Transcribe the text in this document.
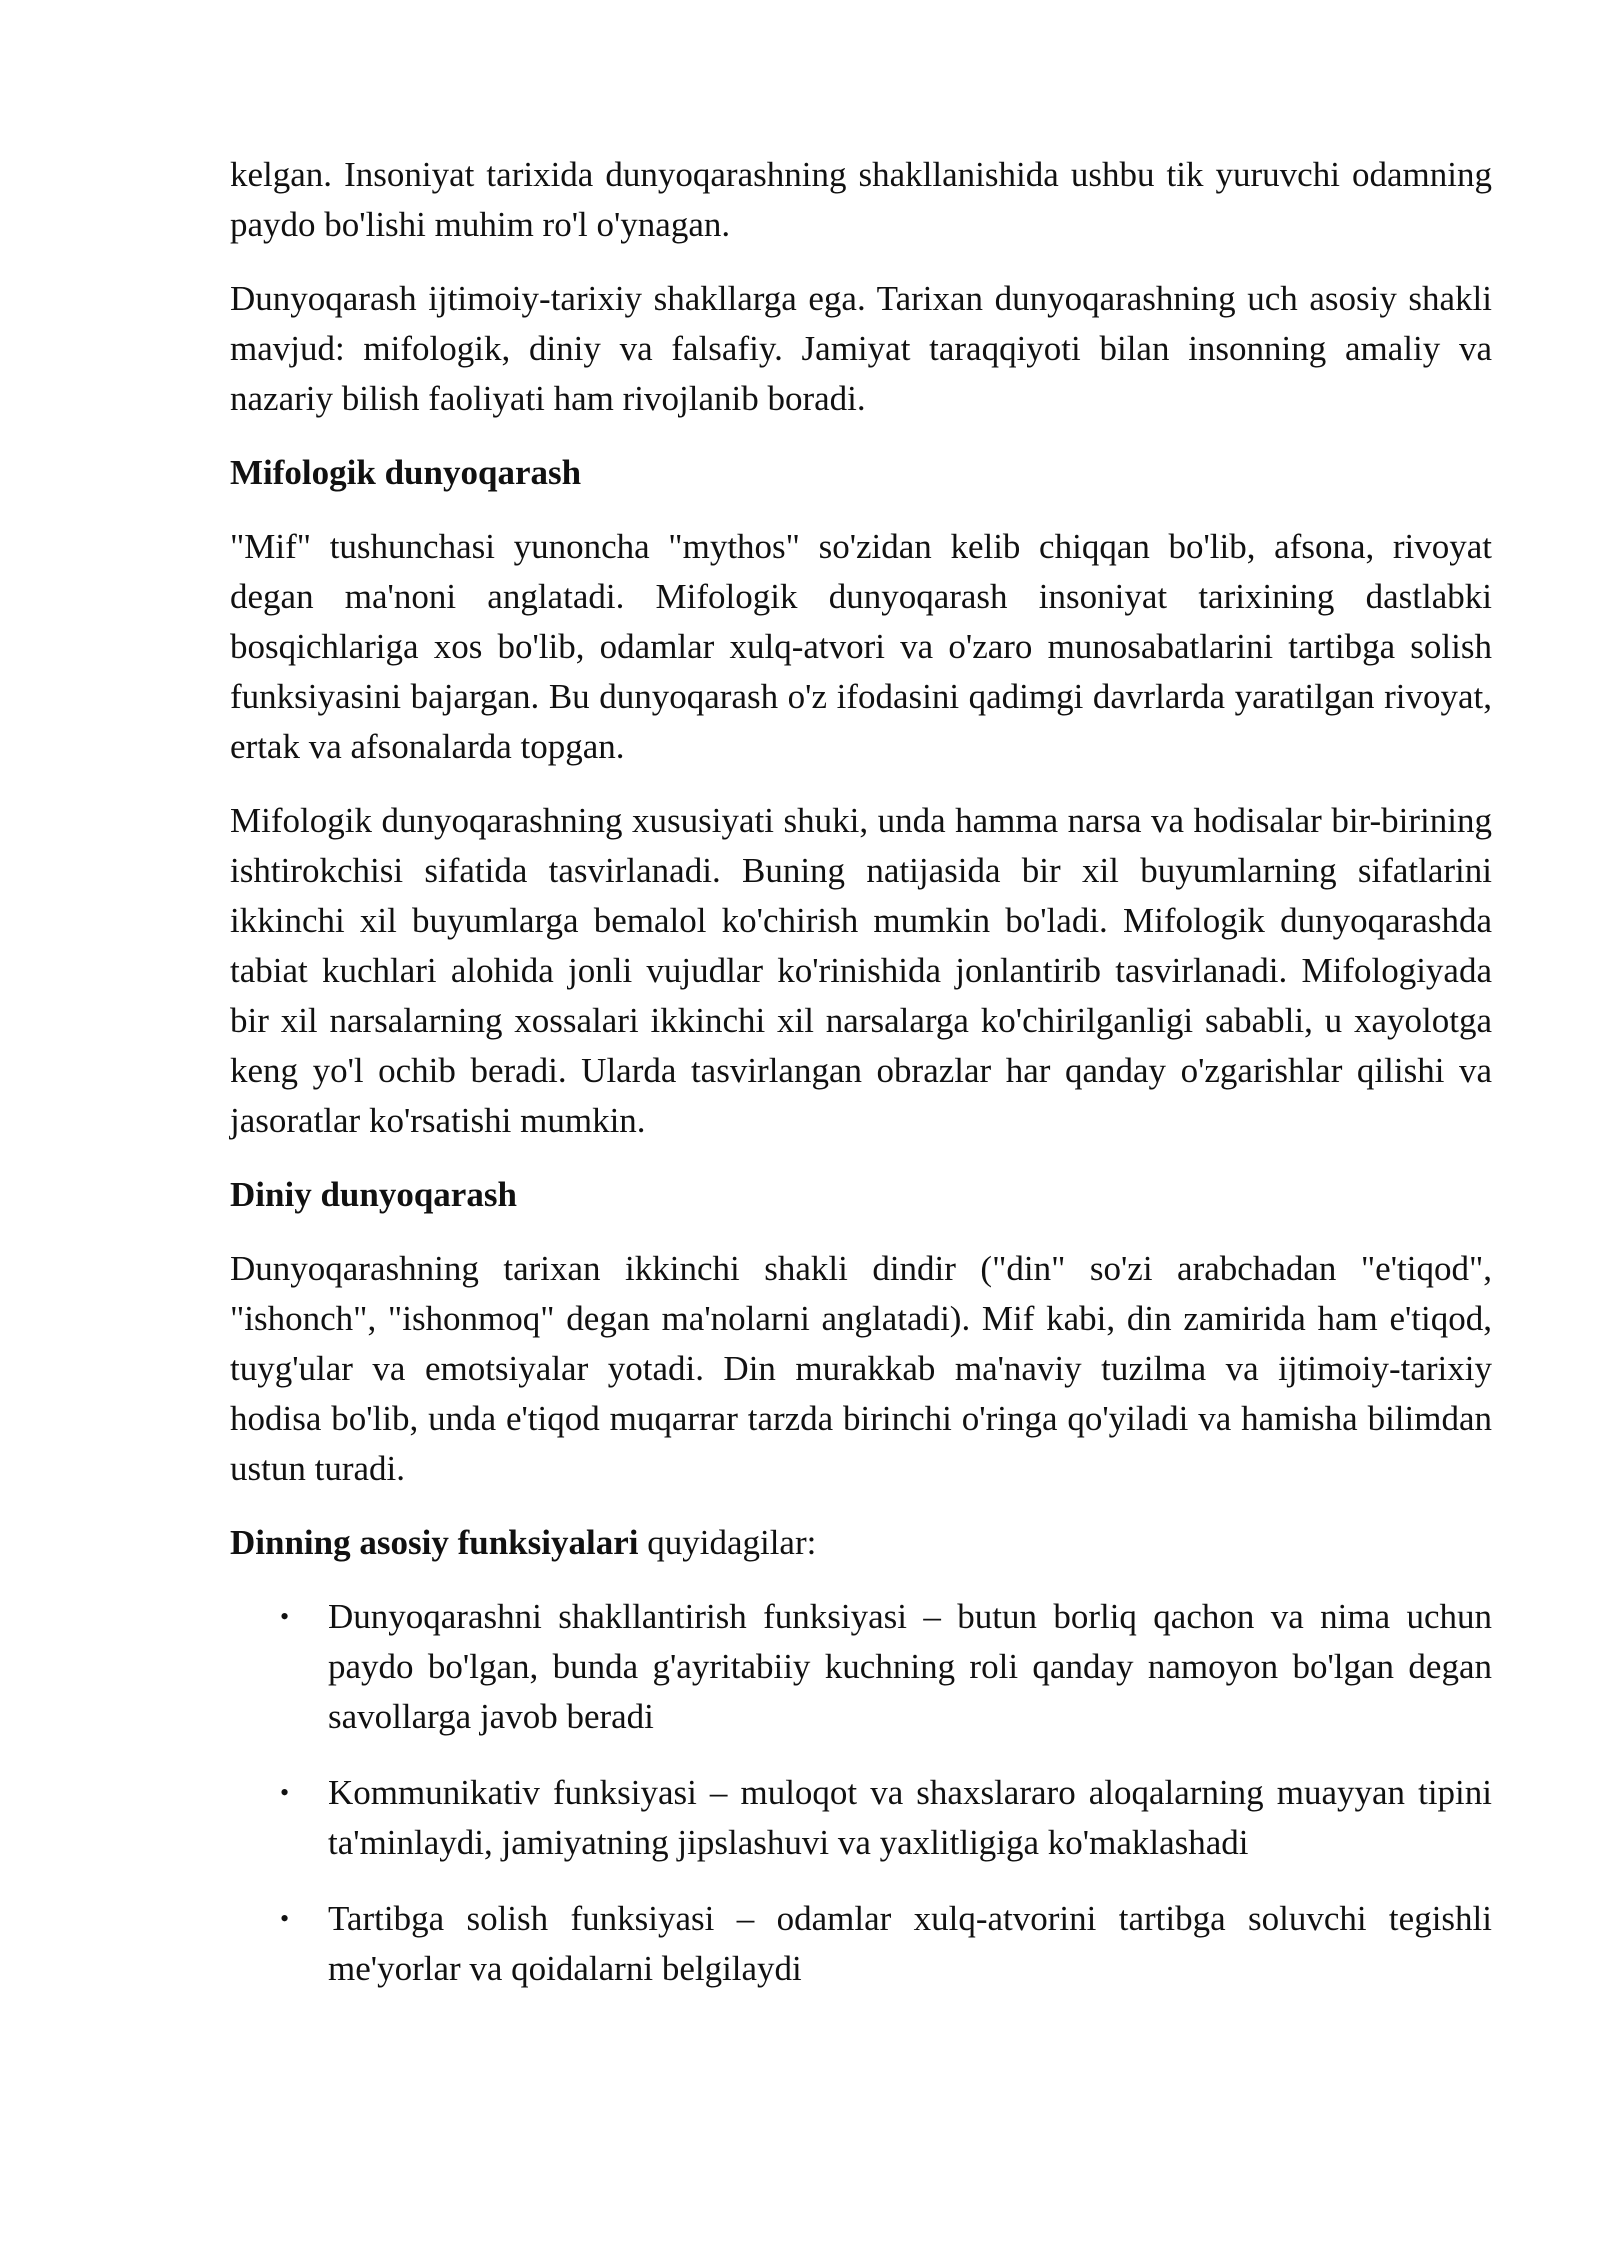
kelgan. Insoniyat tarixida dunyoqarashning shakllanishida ushbu tik yuruvchi odamning paydo bo'lishi muhim ro'l o'ynagan.

Dunyoqarash ijtimoiy-tarixiy shakllarga ega. Tarixan dunyoqarashning uch asosiy shakli mavjud: mifologik, diniy va falsafiy. Jamiyat taraqqiyoti bilan insonning amaliy va nazariy bilish faoliyati ham rivojlanib boradi.

Mifologik dunyoqarash

"Mif" tushunchasi yunoncha "mythos" so'zidan kelib chiqqan bo'lib, afsona, rivoyat degan ma'noni anglatadi. Mifologik dunyoqarash insoniyat tarixining dastlabki bosqichlariga xos bo'lib, odamlar xulq-atvori va o'zaro munosabatlarini tartibga solish funksiyasini bajargan. Bu dunyoqarash o'z ifodasini qadimgi davrlarda yaratilgan rivoyat, ertak va afsonalarda topgan.

Mifologik dunyoqarashning xususiyati shuki, unda hamma narsa va hodisalar bir-birining ishtirokchisi sifatida tasvirlanadi. Buning natijasida bir xil buyumlarning sifatlarini ikkinchi xil buyumlarga bemalol ko'chirish mumkin bo'ladi. Mifologik dunyoqarashda tabiat kuchlari alohida jonli vujudlar ko'rinishida jonlantirib tasvirlanadi. Mifologiyada bir xil narsalarning xossalari ikkinchi xil narsalarga ko'chirilganligi sababli, u xayolotga keng yo'l ochib beradi. Ularda tasvirlangan obrazlar har qanday o'zgarishlar qilishi va jasoratlar ko'rsatishi mumkin.

Diniy dunyoqarash

Dunyoqarashning tarixan ikkinchi shakli dindir ("din" so'zi arabchadan "e'tiqod", "ishonch", "ishonmoq" degan ma'nolarni anglatadi). Mif kabi, din zamirida ham e'tiqod, tuyg'ular va emotsiyalar yotadi. Din murakkab ma'naviy tuzilma va ijtimoiy-tarixiy hodisa bo'lib, unda e'tiqod muqarrar tarzda birinchi o'ringa qo'yiladi va hamisha bilimdan ustun turadi.

Dinning asosiy funksiyalari quyidagilar:

• Dunyoqarashni shakllantirish funksiyasi – butun borliq qachon va nima uchun paydo bo'lgan, bunda g'ayritabiiy kuchning roli qanday namoyon bo'lgan degan savollarga javob beradi
• Kommunikativ funksiyasi – muloqot va shaxslararo aloqalarning muayyan tipini ta'minlaydi, jamiyatning jipslashuvi va yaxlitligiga ko'maklashadi
• Tartibga solish funksiyasi – odamlar xulq-atvorini tartibga soluvchi tegishli me'yorlar va qoidalarni belgilaydi
